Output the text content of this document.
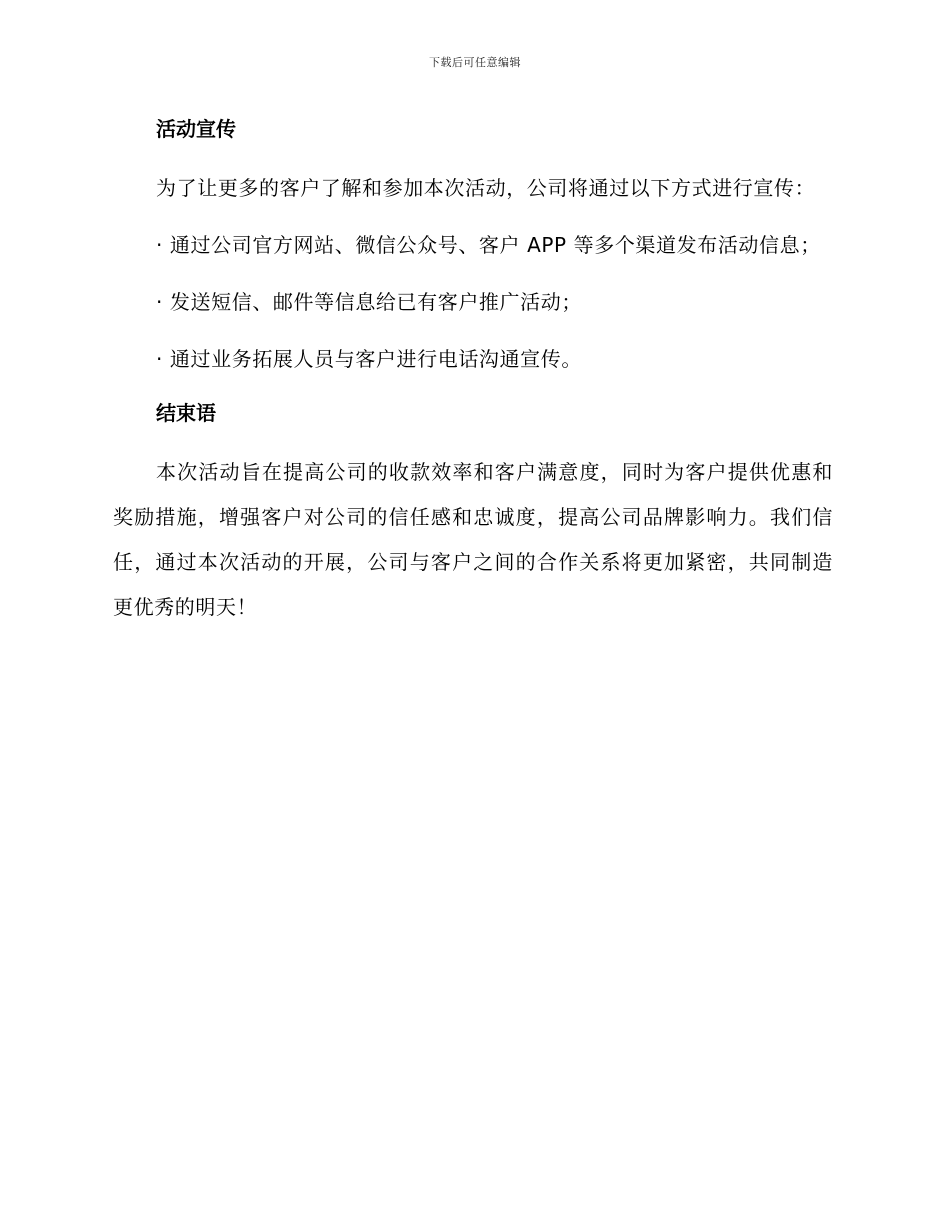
下载后可任意编辑
活动宣传

为了让更多的客户了解和参加本次活动，公司将通过以下方式进行宣传：

· 通过公司官方网站、微信公众号、客户 APP 等多个渠道发布活动信息；

· 发送短信、邮件等信息给已有客户推广活动；

· 通过业务拓展人员与客户进行电话沟通宣传。

结束语

本次活动旨在提高公司的收款效率和客户满意度，同时为客户提供优惠和奖励措施，增强客户对公司的信任感和忠诚度，提高公司品牌影响力。我们信任，通过本次活动的开展，公司与客户之间的合作关系将更加紧密，共同制造更优秀的明天！
